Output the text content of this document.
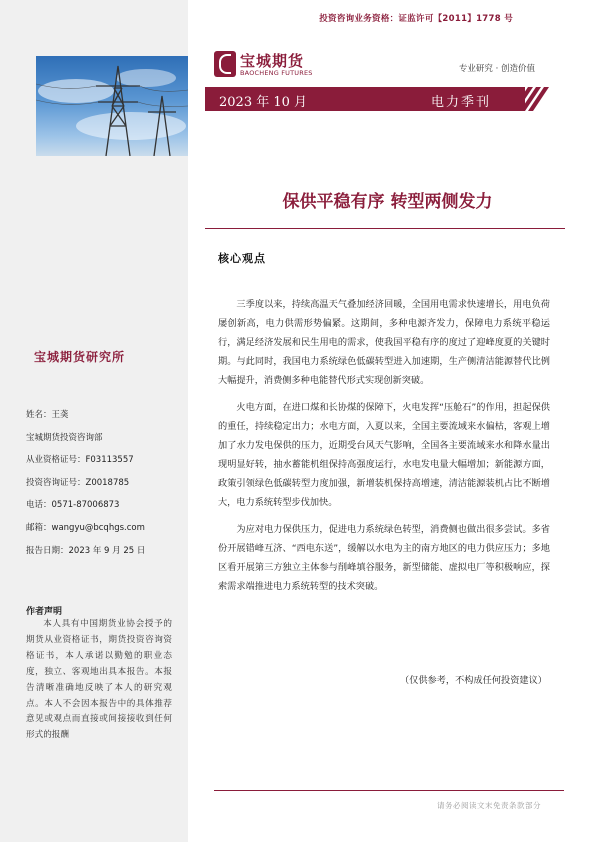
投资咨询业务资格：证监许可【2011】1778 号
宝城期货
BAOCHENG FUTURES	专业研究 · 创造价值
2023 年 10 月	电力季刊
保供平稳有序 转型两侧发力
核心观点

三季度以来，持续高温天气叠加经济回暖，全国用电需求快速增长，用电负荷屡创新高，电力供需形势偏紧。这期间，多种电源齐发力，保障电力系统平稳运行，满足经济发展和民生用电的需求，使我国平稳有序的度过了迎峰度夏的关键时期。与此同时，我国电力系统绿色低碳转型进入加速期，生产侧清洁能源替代比例大幅提升，消费侧多种电能替代形式实现创新突破。

火电方面，在进口煤和长协煤的保障下，火电发挥“压舱石”的作用，担起保供的重任，持续稳定出力；水电方面，入夏以来，全国主要流域来水偏枯，客观上增加了水力发电保供的压力，近期受台风天气影响，全国各主要流域来水和降水量出现明显好转，抽水蓄能机组保持高强度运行，水电发电量大幅增加；新能源方面，政策引领绿色低碳转型力度加强，新增装机保持高增速，清洁能源装机占比不断增大，电力系统转型步伐加快。

为应对电力保供压力，促进电力系统绿色转型，消费侧也做出很多尝试。多省份开展错峰互济、“西电东送”，缓解以水电为主的南方地区的电力供应压力；多地区看开展第三方独立主体参与削峰填谷服务，新型储能、虚拟电厂等积极响应，探索需求端推进电力系统转型的技术突破。

（仅供参考，不构成任何投资建议）
请务必阅读文末免责条款部分
宝城期货研究所
姓名：王䶮
宝城期货投资咨询部
从业资格证号：F03113557
投资咨询证号：Z0018785
电话：0571-87006873
邮箱：wangyu@bcqhgs.com
报告日期：2023 年 9 月 25 日
作者声明

本人具有中国期货业协会授予的期货从业资格证书，期货投资咨询资格证书，本人承诺以勤勉的职业态度，独立、客观地出具本报告。本报告清晰准确地反映了本人的研究观点。本人不会因本报告中的具体推荐意见或观点而直接或间接接收到任何形式的报酬
